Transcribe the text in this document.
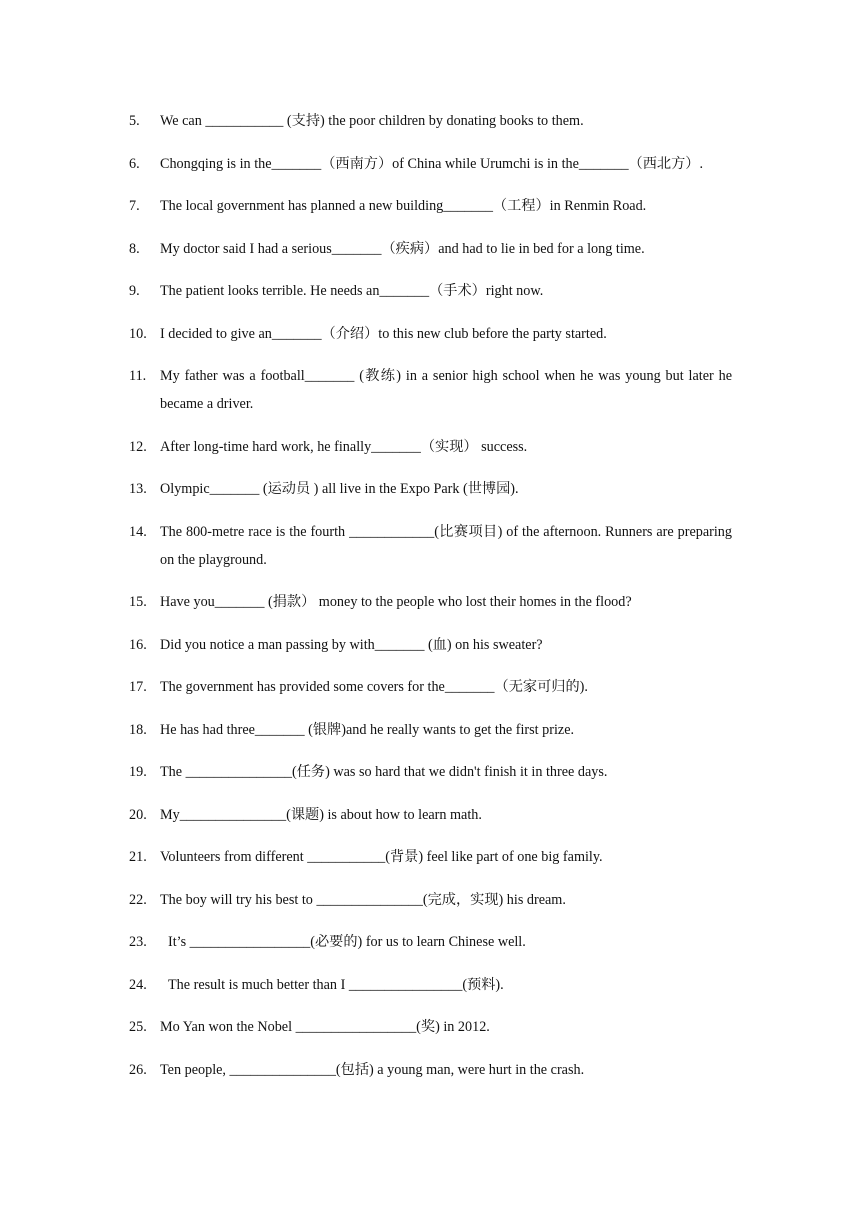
5. We can ___________ (支持) the poor children by donating books to them.
6. Chongqing is in the_______（西南方）of China while Urumchi is in the_______（西北方）.
7. The local government has planned a new building_______（工程）in Renmin Road.
8. My doctor said I had a serious_______（疾病）and had to lie in bed for a long time.
9. The patient looks terrible. He needs an_______（手术）right now.
10. I decided to give an_______（介绍）to this new club before the party started.
11. My father was a football_______ (教练) in a senior high school when he was young but later he became a driver.
12. After long-time hard work, he finally_______（实现） success.
13. Olympic_______ (运动员 ) all live in the Expo Park (世博园).
14. The 800-metre race is the fourth ____________(比赛项目) of the afternoon. Runners are preparing on the playground.
15. Have you_______ (捐款） money to the people who lost their homes in the flood?
16. Did you notice a man passing by with_______ (血) on his sweater?
17. The government has provided some covers for the_______（无家可归的).
18. He has had three_______ (银牌)and he really wants to get the first prize.
19. The _______________(任务) was so hard that we didn't finish it in three days.
20. My_______________(课题) is about how to learn math.
21. Volunteers from different ___________(背景) feel like part of one big family.
22. The boy will try his best to _______________(完成，实现) his dream.
23.	It’s _________________(必要的) for us to learn Chinese well.
24.	The result is much better than I ________________(预料).
25. Mo Yan won the Nobel _________________(奖) in 2012.
26. Ten people, _______________(包括) a young man, were hurt in the crash.
